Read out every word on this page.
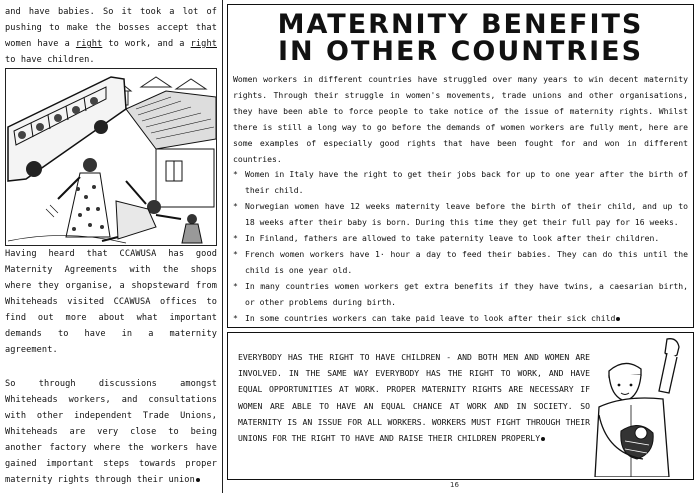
and have babies. So it took a lot of pushing to make the bosses accept that women have a right to work, and a right to have children.

Having heard that CCAWUSA has good Maternity Agreements with the shops where they organise, a shopsteward from Whiteheads visited CCAWUSA offices to find out more about what important demands to have in a maternity agreement.

So through discussions amongst Whiteheads workers, and consultations with other independent Trade Unions, Whiteheads are very close to being another factory where the workers have gained important steps towards proper maternity rights through their union

MATERNITY BENEFITS
IN OTHER COUNTRIES

Women workers in different countries have struggled over many years to win decent maternity rights. Through their struggle in women's movements, trade unions and other organisations, they have been able to force people to take notice of the issue of maternity rights. Whilst there is still a long way to go before the demands of women workers are fully ment, here are some examples of especially good rights that have been fought for and won in different countries.

* Women in Italy have the right to get their jobs back for up to one year after the birth of their child.
* Norwegian women have 12 weeks maternity leave before the birth of their child, and up to 18 weeks after their baby is born. During this time they get their full pay for 16 weeks.
* In Finland, fathers are allowed to take paternity leave to look after their children.
* French women workers have 1· hour a day to feed their babies. They can do this until the child is one year old.
* In many countries women workers get extra benefits if they have twins, a caesarian birth, or other problems during birth.
* In some countries workers can take paid leave to look after their sick child

EVERYBODY HAS THE RIGHT TO HAVE CHILDREN - AND BOTH MEN AND WOMEN ARE INVOLVED. IN THE SAME WAY EVERYBODY HAS THE RIGHT TO WORK, AND HAVE EQUAL OPPORTUNITIES AT WORK. PROPER MATERNITY RIGHTS ARE NECESSARY IF WOMEN ARE ABLE TO HAVE AN EQUAL CHANCE AT WORK AND IN SOCIETY. SO MATERNITY IS AN ISSUE FOR ALL WORKERS. WORKERS MUST FIGHT THROUGH THEIR UNIONS FOR THE RIGHT TO HAVE AND RAISE THEIR CHILDREN PROPERLY

16
